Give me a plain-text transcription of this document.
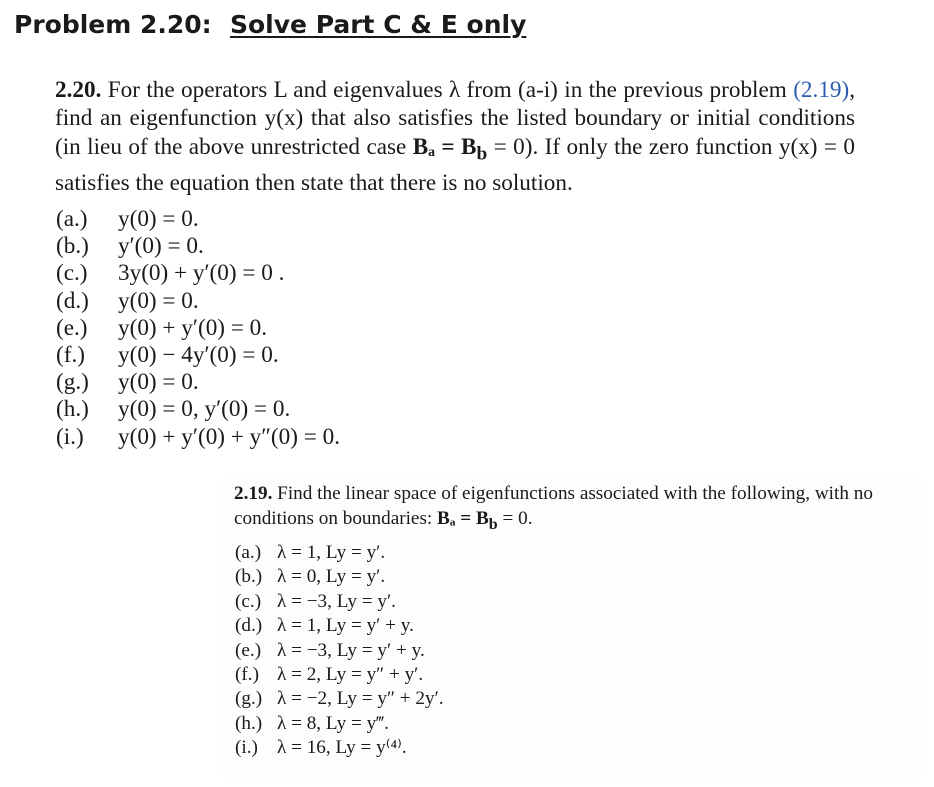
Problem 2.20: Solve Part C & E only
2.20. For the operators L and eigenvalues λ from (a-i) in the previous problem (2.19), find an eigenfunction y(x) that also satisfies the listed boundary or initial conditions (in lieu of the above unrestricted case $B_a = B_b = 0$). If only the zero function y(x) = 0 satisfies the equation then state that there is no solution.
(a.)	y(0) = 0.
(b.)	y′(0) = 0.
(c.)	3y(0) + y′(0) = 0 .
(d.)	y(0) = 0.
(e.)	y(0) + y′(0) = 0.
(f.)	y(0) − 4y′(0) = 0.
(g.)	y(0) = 0.
(h.)	y(0) = 0, y′(0) = 0.
(i.)	y(0) + y′(0) + y″(0) = 0.
2.19. Find the linear space of eigenfunctions associated with the following, with no conditions on boundaries: $B_a = B_b = 0$.
(a.) λ = 1, Ly = y′.
(b.) λ = 0, Ly = y′.
(c.) λ = −3, Ly = y′.
(d.) λ = 1, Ly = y′ + y.
(e.) λ = −3, Ly = y′ + y.
(f.) λ = 2, Ly = y″ + y′.
(g.) λ = −2, Ly = y″ + 2y′.
(h.) λ = 8, Ly = y‴.
(i.) λ = 16, Ly = y⁽⁴⁾.
